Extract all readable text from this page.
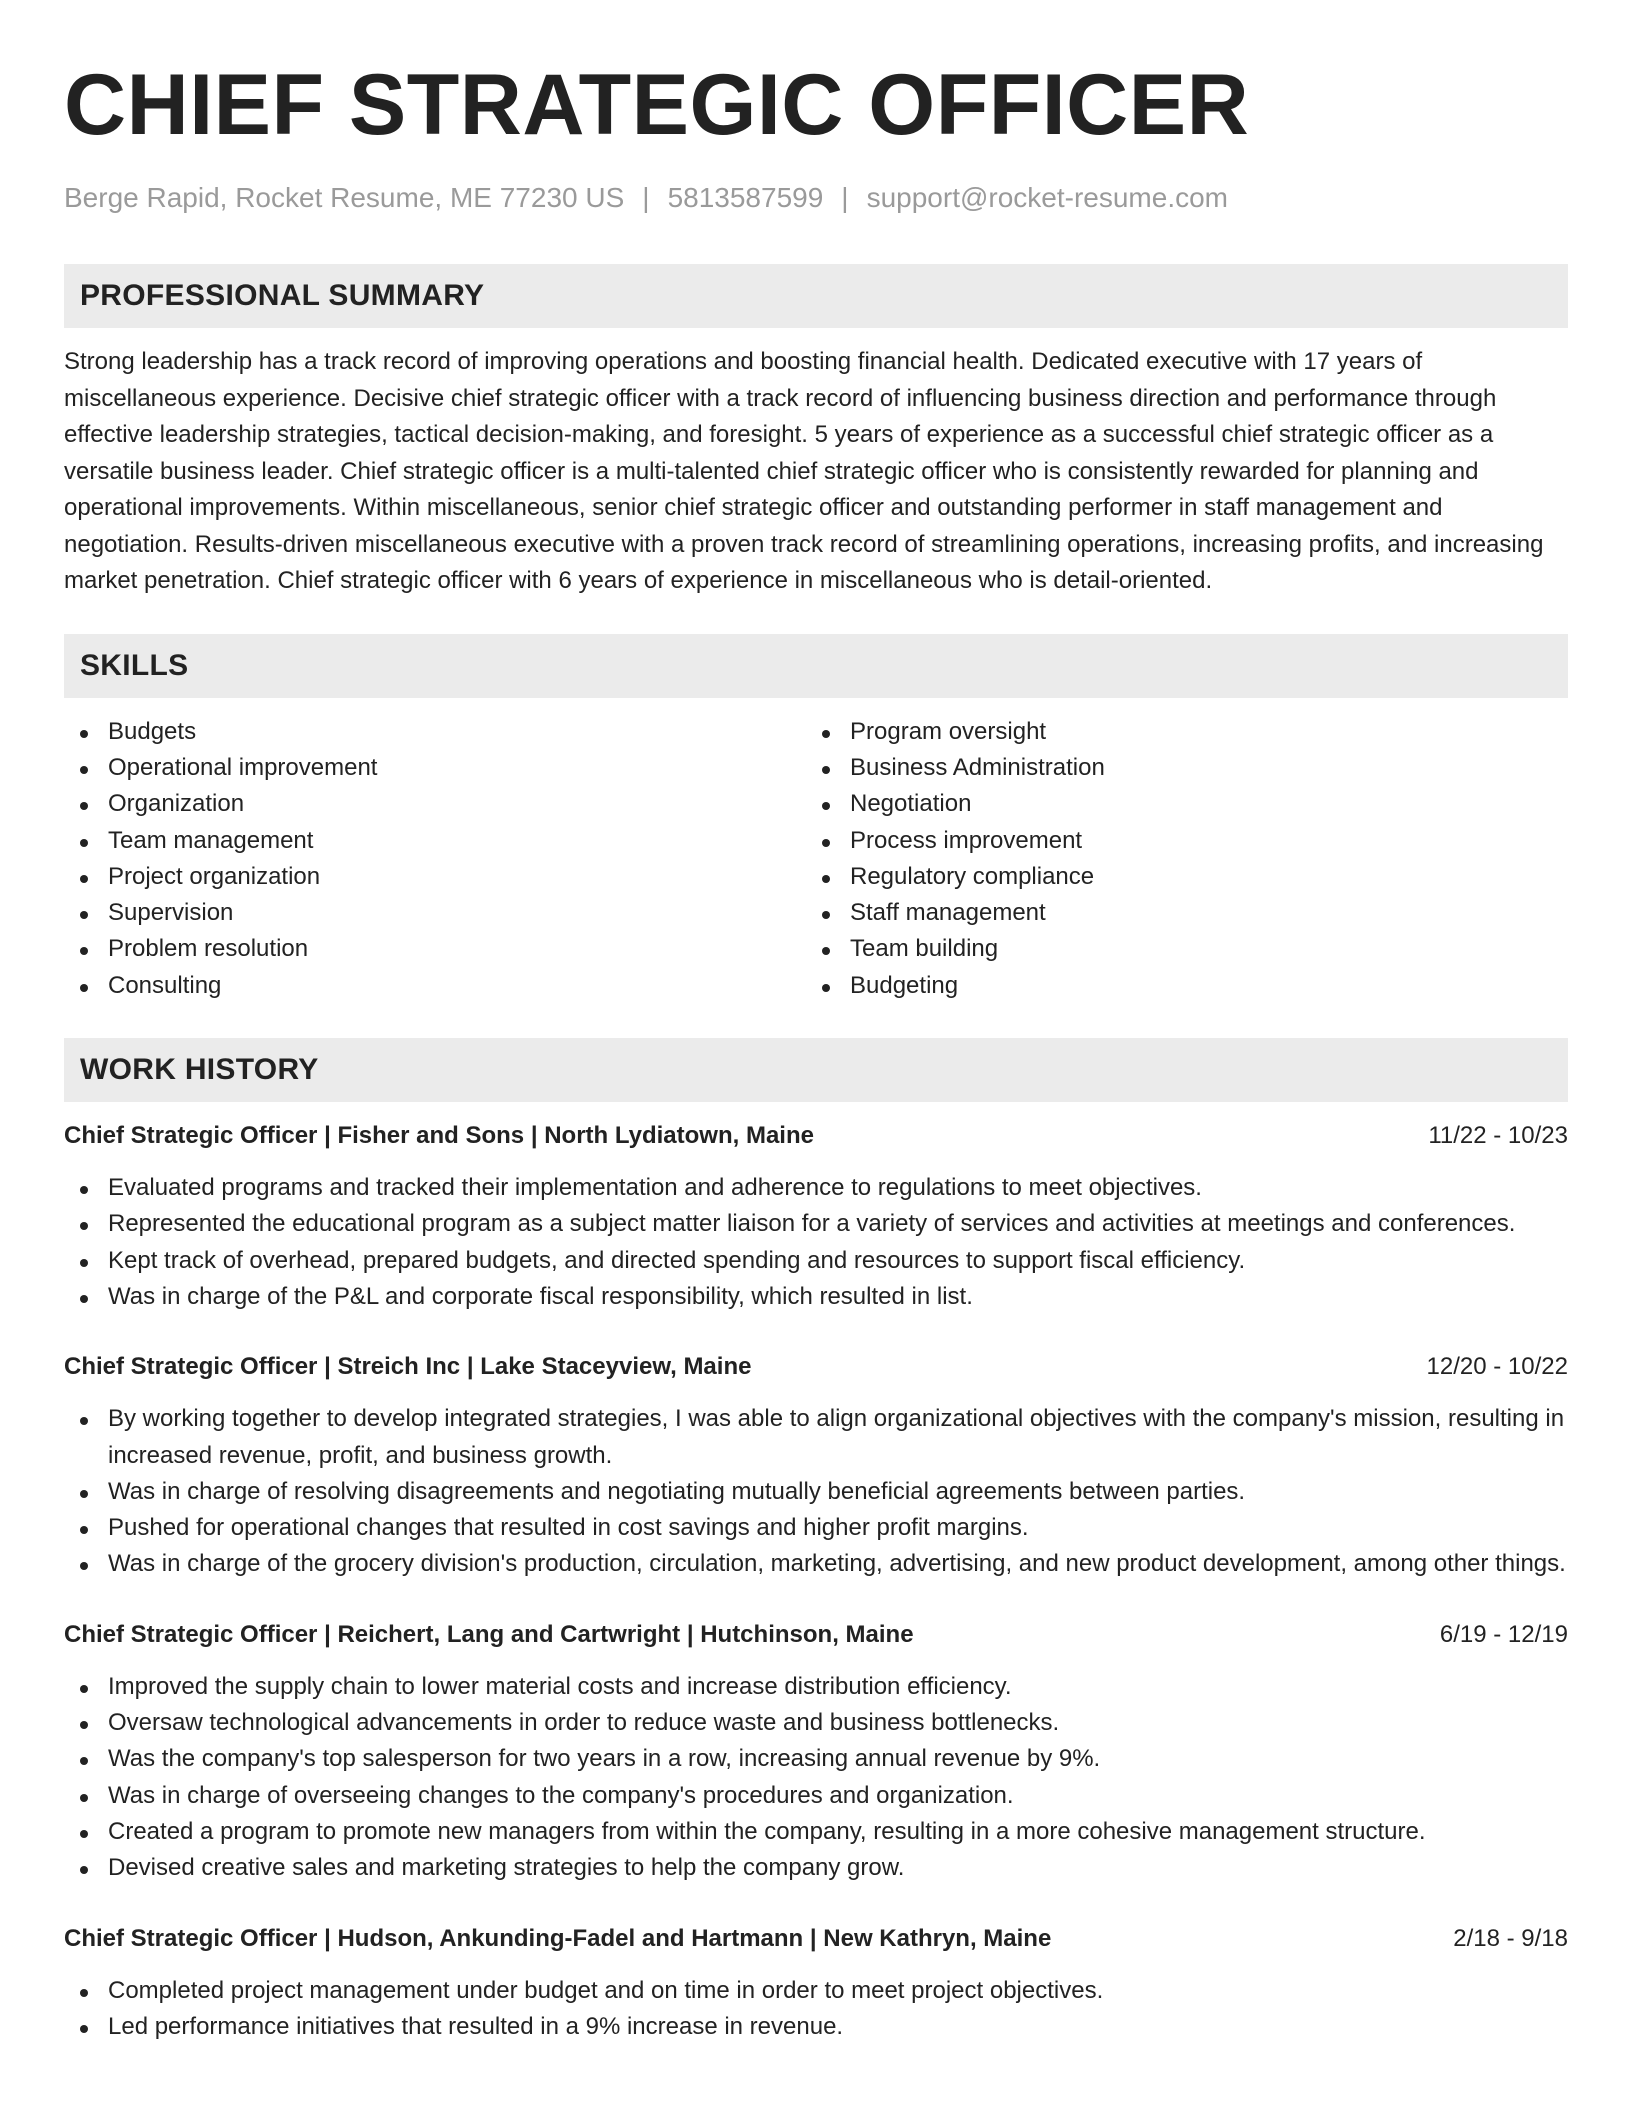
CHIEF STRATEGIC OFFICER
Berge Rapid, Rocket Resume, ME 77230 US | 5813587599 | support@rocket-resume.com
PROFESSIONAL SUMMARY

Strong leadership has a track record of improving operations and boosting financial health. Dedicated executive with 17 years of miscellaneous experience. Decisive chief strategic officer with a track record of influencing business direction and performance through effective leadership strategies, tactical decision-making, and foresight. 5 years of experience as a successful chief strategic officer as a versatile business leader. Chief strategic officer is a multi-talented chief strategic officer who is consistently rewarded for planning and operational improvements. Within miscellaneous, senior chief strategic officer and outstanding performer in staff management and negotiation. Results-driven miscellaneous executive with a proven track record of streamlining operations, increasing profits, and increasing market penetration. Chief strategic officer with 6 years of experience in miscellaneous who is detail-oriented.

SKILLS
Budgets
Operational improvement
Organization
Team management
Project organization
Supervision
Problem resolution
Consulting
Program oversight
Business Administration
Negotiation
Process improvement
Regulatory compliance
Staff management
Team building
Budgeting
WORK HISTORY
Chief Strategic Officer | Fisher and Sons | North Lydiatown, Maine	11/22 - 10/23
Evaluated programs and tracked their implementation and adherence to regulations to meet objectives.
Represented the educational program as a subject matter liaison for a variety of services and activities at meetings and conferences.
Kept track of overhead, prepared budgets, and directed spending and resources to support fiscal efficiency.
Was in charge of the P&L and corporate fiscal responsibility, which resulted in list.
Chief Strategic Officer | Streich Inc | Lake Staceyview, Maine	12/20 - 10/22
By working together to develop integrated strategies, I was able to align organizational objectives with the company's mission, resulting in increased revenue, profit, and business growth.
Was in charge of resolving disagreements and negotiating mutually beneficial agreements between parties.
Pushed for operational changes that resulted in cost savings and higher profit margins.
Was in charge of the grocery division's production, circulation, marketing, advertising, and new product development, among other things.
Chief Strategic Officer | Reichert, Lang and Cartwright | Hutchinson, Maine	6/19 - 12/19
Improved the supply chain to lower material costs and increase distribution efficiency.
Oversaw technological advancements in order to reduce waste and business bottlenecks.
Was the company's top salesperson for two years in a row, increasing annual revenue by 9%.
Was in charge of overseeing changes to the company's procedures and organization.
Created a program to promote new managers from within the company, resulting in a more cohesive management structure.
Devised creative sales and marketing strategies to help the company grow.
Chief Strategic Officer | Hudson, Ankunding-Fadel and Hartmann | New Kathryn, Maine	2/18 - 9/18
Completed project management under budget and on time in order to meet project objectives.
Led performance initiatives that resulted in a 9% increase in revenue.
